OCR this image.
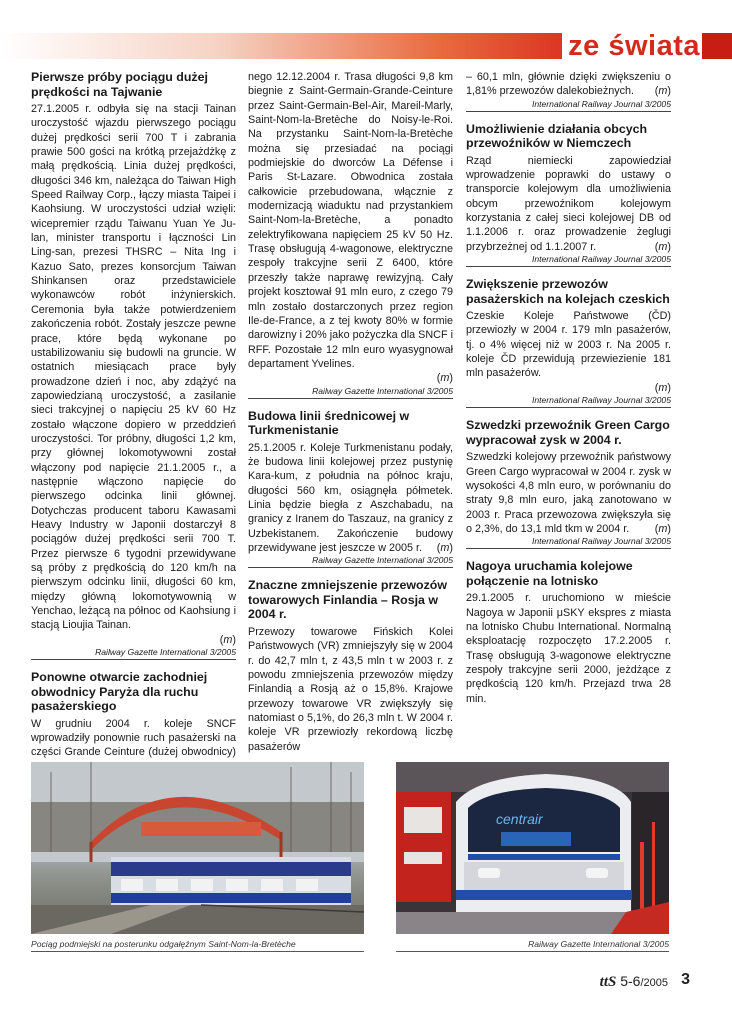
ze świata

Pierwsze próby pociągu dużej prędkości na Tajwanie

27.1.2005 r. odbyła się na stacji Tainan uroczystość wjazdu pierwszego pociągu dużej prędkości serii 700 T i zabrania prawie 500 gości na krótką przejażdżkę z małą prędkością. Linia dużej prędkości, długości 346 km, należąca do Taiwan High Speed Railway Corp., łączy miasta Taipei i Kaohsiung. W uroczystości udział wzięli: wicepremier rządu Taiwanu Yuan Ye Ju-lan, minister transportu i łączności Lin Ling-san, prezesi THSRC – Nita Ing i Kazuo Sato, prezes konsorcjum Taiwan Shinkansen oraz przedstawiciele wykonawców robót inżynierskich. Ceremonia była także potwierdzeniem zakończenia robót. Zostały jeszcze pewne prace, które będą wykonane po ustabilizowaniu się budowli na gruncie. W ostatnich miesiącach prace były prowadzone dzień i noc, aby zdążyć na zapowiedzianą uroczystość, a zasilanie sieci trakcyjnej o napięciu 25 kV 60 Hz zostało włączone dopiero w przeddzień uroczystości. Tor próbny, długości 1,2 km, przy głównej lokomotywowni został włączony pod napięcie 21.1.2005 r., a następnie włączono napięcie do pierwszego odcinka linii głównej. Dotychczas producent taboru Kawasami Heavy Industry w Japonii dostarczył 8 pociągów dużej prędkości serii 700 T. Przez pierwsze 6 tygodni przewidywane są próby z prędkością do 120 km/h na pierwszym odcinku linii, długości 60 km, między główną lokomotywownią w Yenchao, leżącą na północ od Kaohsiung i stacją Lioujia Tainan.

(m)

Railway Gazette International 3/2005

Ponowne otwarcie zachodniej obwodnicy Paryża dla ruchu pasażerskiego

W grudniu 2004 r. koleje SNCF wprowadziły ponownie ruch pasażerski na części Grande Ceinture (dużej obwodnicy)

nego 12.12.2004 r. Trasa długości 9,8 km biegnie z Saint-Germain-Grande-Ceinture przez Saint-Germain-Bel-Air, Mareil-Marly, Saint-Nom-la-Bretèche do Noisy-le-Roi. Na przystanku Saint-Nom-la-Bretèche można się przesiadać na pociągi podmiejskie do dworców La Défense i Paris St-Lazare. Obwodnica została całkowicie przebudowana, włącznie z modernizacją wiaduktu nad przystankiem Saint-Nom-la-Bretèche, a ponadto zelektryfikowana napięciem 25 kV 50 Hz. Trasę obsługują 4-wagonowe, elektryczne zespoły trakcyjne serii Z 6400, które przeszły także naprawę rewizyjną. Cały projekt kosztował 91 mln euro, z czego 79 mln zostało dostarczonych przez region Ile-de-France, a z tej kwoty 80% w formie darowizny i 20% jako pożyczka dla SNCF i RFF. Pozostałe 12 mln euro wyasygnował departament Yvelines.

(m)

Railway Gazette International 3/2005

Budowa linii średnicowej w Turkmenistanie

25.1.2005 r. Koleje Turkmenistanu podały, że budowa linii kolejowej przez pustynię Kara-kum, z południa na północ kraju, długości 560 km, osiągnęła półmetek. Linia będzie biegła z Aszchabadu, na granicy z Iranem do Taszauz, na granicy z Uzbekistanem. Zakończenie budowy przewidywane jest jeszcze w 2005 r. (m)

Railway Gazette International 3/2005

Znaczne zmniejszenie przewozów towarowych Finlandia – Rosja w 2004 r.

Przewozy towarowe Fińskich Kolei Państwowych (VR) zmniejszyły się w 2004 r. do 42,7 mln t, z 43,5 mln t w 2003 r. z powodu zmniejszenia przewozów między Finlandią a Rosją aż o 15,8%. Krajowe przewozy towarowe VR zwiększyły się natomiast o 5,1%, do 26,3 mln t. W 2004 r. koleje VR przewiozły rekordową liczbę pasażerów

– 60,1 mln, głównie dzięki zwiększeniu o 1,81% przewozów dalekobieżnych. (m)

International Railway Journal 3/2005

Umożliwienie działania obcych przewoźników w Niemczech

Rząd niemiecki zapowiedział wprowadzenie poprawki do ustawy o transporcie kolejowym dla umożliwienia obcym przewoźnikom kolejowym korzystania z całej sieci kolejowej DB od 1.1.2006 r. oraz prowadzenie żeglugi przybrzeżnej od 1.1.2007 r.	(m)

International Railway Journal 3/2005

Zwiększenie przewozów pasażerskich na kolejach czeskich

Czeskie Koleje Państwowe (ČD) przewiozły w 2004 r. 179 mln pasażerów, tj. o 4% więcej niż w 2003 r. Na 2005 r. koleje ČD przewidują przewiezienie 181 mln pasażerów.

(m)

International Railway Journal 3/2005

Szwedzki przewoźnik Green Cargo wypracował zysk w 2004 r.

Szwedzki kolejowy przewoźnik państwowy Green Cargo wypracował w 2004 r. zysk w wysokości 4,8 mln euro, w porównaniu do straty 9,8 mln euro, jaką zanotowano w 2003 r. Praca przewozowa zwiększyła się o 2,3%, do 13,1 mld tkm w 2004 r. (m)

International Railway Journal 3/2005

Nagoya uruchamia kolejowe połączenie na lotnisko

29.1.2005 r. uruchomiono w mieście Nagoya w Japonii μSKY ekspres z miasta na lotnisko Chubu International. Normalną eksploatację rozpoczęto 17.2.2005 r. Trasę obsługują 3-wagonowe elektryczne zespoły trakcyjne serii 2000, jeżdżące z prędkością 120 km/h. Przejazd trwa 28 min.

centrair
Pociąg podmiejski na posterunku odgałęźnym Saint-Nom-la-Bretèche	Railway Gazette International 3/2005
ttS 5-6/2005 3
